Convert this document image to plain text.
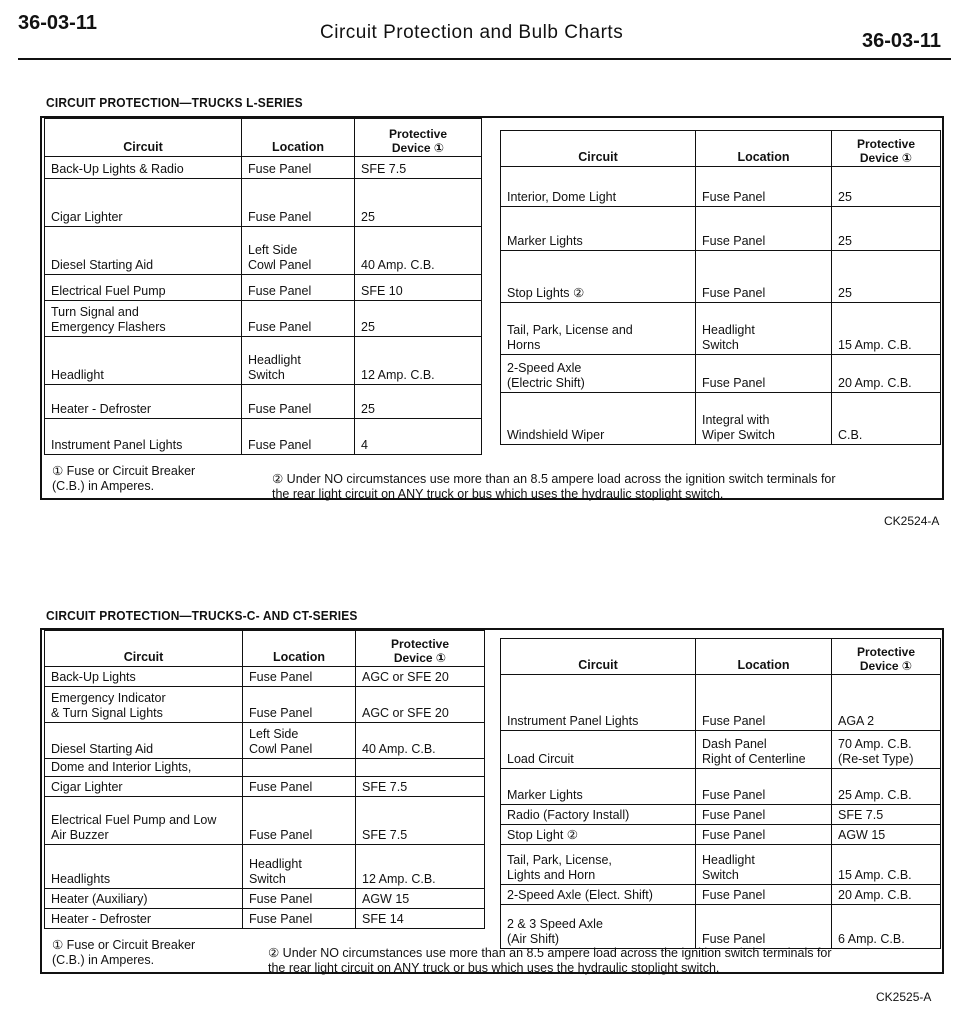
36-03-11	Circuit Protection and Bulb Charts	36-03-11
CIRCUIT PROTECTION—TRUCKS L-SERIES
Circuit	Location	Protective
Device ①
Back-Up Lights & Radio	Fuse Panel	SFE 7.5
Cigar Lighter	Fuse Panel	25
Diesel Starting Aid	Left Side
Cowl Panel	40 Amp. C.B.
Electrical Fuel Pump	Fuse Panel	SFE 10
Turn Signal and
Emergency Flashers	Fuse Panel	25
Headlight	Headlight
Switch	12 Amp. C.B.
Heater - Defroster	Fuse Panel	25
Instrument Panel Lights	Fuse Panel	4
Circuit	Location	Protective
Device ①
Interior, Dome Light	Fuse Panel	25
Marker Lights	Fuse Panel	25
Stop Lights ②	Fuse Panel	25
Tail, Park, License and
Horns	Headlight
Switch	15 Amp. C.B.
2-Speed Axle
(Electric Shift)	Fuse Panel	20 Amp. C.B.
Windshield Wiper	Integral with
Wiper Switch	C.B.
① Fuse or Circuit Breaker
(C.B.) in Amperes.	② Under NO circumstances use more than an 8.5 ampere load across the ignition switch terminals for
the rear light circuit on ANY truck or bus which uses the hydraulic stoplight switch.
CK2524-A
CIRCUIT PROTECTION—TRUCKS-C- AND CT-SERIES
Circuit	Location	Protective
Device ①
Back-Up Lights	Fuse Panel	AGC or SFE 20
Emergency Indicator
& Turn Signal Lights	Fuse Panel	AGC or SFE 20
Diesel Starting Aid	Left Side
Cowl Panel	40 Amp. C.B.
Dome and Interior Lights,		
Cigar Lighter	Fuse Panel	SFE 7.5
Electrical Fuel Pump and Low
Air Buzzer	Fuse Panel	SFE 7.5
Headlights	Headlight
Switch	12 Amp. C.B.
Heater (Auxiliary)	Fuse Panel	AGW 15
Heater - Defroster	Fuse Panel	SFE 14
Circuit	Location	Protective
Device ①
Instrument Panel Lights	Fuse Panel	AGA 2
Load Circuit	Dash Panel
Right of Centerline	70 Amp. C.B.
(Re-set Type)
Marker Lights	Fuse Panel	25 Amp. C.B.
Radio (Factory Install)	Fuse Panel	SFE 7.5
Stop Light ②	Fuse Panel	AGW 15
Tail, Park, License,
Lights and Horn	Headlight
Switch	15 Amp. C.B.
2-Speed Axle (Elect. Shift)	Fuse Panel	20 Amp. C.B.
2 & 3 Speed Axle
(Air Shift)	Fuse Panel	6 Amp. C.B.
① Fuse or Circuit Breaker
(C.B.) in Amperes.	② Under NO circumstances use more than an 8.5 ampere load across the ignition switch terminals for
the rear light circuit on ANY truck or bus which uses the hydraulic stoplight switch.
CK2525-A
